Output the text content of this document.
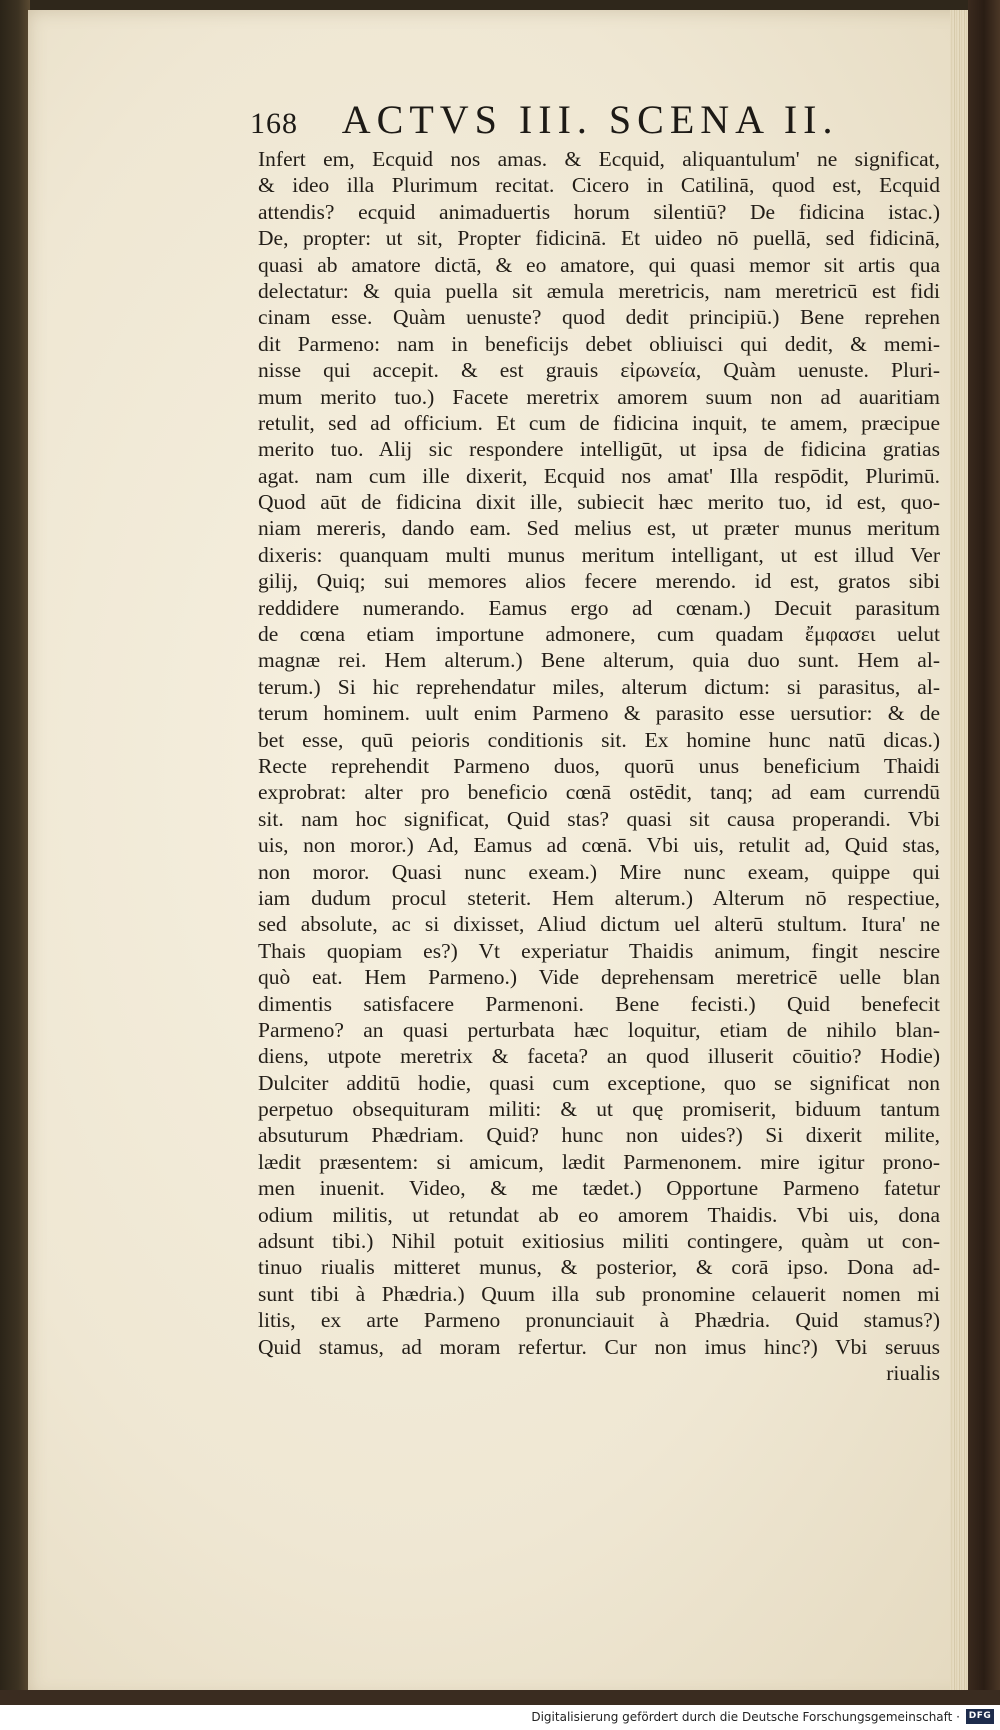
168 ACTVS III. SCENA II.
Infert em, Ecquid nos amas. & Ecquid, aliquantulum' ne significat,
& ideo illa Plurimum recitat. Cicero in Catilinā, quod est, Ecquid
attendis? ecquid animaduertis horum silentiū? De fidicina istac.)
De, propter: ut sit, Propter fidicinā. Et uideo nō puellā, sed fidicinā,
quasi ab amatore dictā, & eo amatore, qui quasi memor sit artis qua
delectatur: & quia puella sit æmula meretricis, nam meretricū est fidi
cinam esse. Quàm uenuste? quod dedit principiū.) Bene reprehen
dit Parmeno: nam in beneficijs debet obliuisci qui dedit, & memi-
nisse qui accepit. & est grauis εἰρωνεία, Quàm uenuste. Pluri-
mum merito tuo.) Facete meretrix amorem suum non ad auaritiam
retulit, sed ad officium. Et cum de fidicina inquit, te amem, præcipue
merito tuo. Alij sic respondere intelligūt, ut ipsa de fidicina gratias
agat. nam cum ille dixerit, Ecquid nos amat' Illa respōdit, Plurimū.
Quod aūt de fidicina dixit ille, subiecit hæc merito tuo, id est, quo-
niam mereris, dando eam. Sed melius est, ut præter munus meritum
dixeris: quanquam multi munus meritum intelligant, ut est illud Ver
gilij, Quiq; sui memores alios fecere merendo. id est, gratos sibi
reddidere numerando. Eamus ergo ad cœnam.) Decuit parasitum
de cœna etiam importune admonere, cum quadam ἔμφασει uelut
magnæ rei. Hem alterum.) Bene alterum, quia duo sunt. Hem al-
terum.) Si hic reprehendatur miles, alterum dictum: si parasitus, al-
terum hominem. uult enim Parmeno & parasito esse uersutior: & de
bet esse, quū peioris conditionis sit. Ex homine hunc natū dicas.)
Recte reprehendit Parmeno duos, quorū unus beneficium Thaidi
exprobrat: alter pro beneficio cœnā ostēdit, tanq; ad eam currendū
sit. nam hoc significat, Quid stas? quasi sit causa properandi. Vbi
uis, non moror.) Ad, Eamus ad cœnā. Vbi uis, retulit ad, Quid stas,
non moror. Quasi nunc exeam.) Mire nunc exeam, quippe qui
iam dudum procul steterit. Hem alterum.) Alterum nō respectiue,
sed absolute, ac si dixisset, Aliud dictum uel alterū stultum. Itura' ne
Thais quopiam es?) Vt experiatur Thaidis animum, fingit nescire
quò eat. Hem Parmeno.) Vide deprehensam meretricē uelle blan
dimentis satisfacere Parmenoni. Bene fecisti.) Quid benefecit
Parmeno? an quasi perturbata hæc loquitur, etiam de nihilo blan-
diens, utpote meretrix & faceta? an quod illuserit cōuitio? Hodie)
Dulciter additū hodie, quasi cum exceptione, quo se significat non
perpetuo obsequituram militi: & ut quę promiserit, biduum tantum
absuturum Phædriam. Quid? hunc non uides?) Si dixerit milite,
lædit præsentem: si amicum, lædit Parmenonem. mire igitur prono-
men inuenit. Video, & me tædet.) Opportune Parmeno fatetur
odium militis, ut retundat ab eo amorem Thaidis. Vbi uis, dona
adsunt tibi.) Nihil potuit exitiosius militi contingere, quàm ut con-
tinuo riualis mitteret munus, & posterior, & corā ipso. Dona ad-
sunt tibi à Phædria.) Quum illa sub pronomine celauerit nomen mi
litis, ex arte Parmeno pronunciauit à Phædria. Quid stamus?)
Quid stamus, ad moram refertur. Cur non imus hinc?) Vbi seruus
riualis
Digitalisierung gefördert durch die Deutsche Forschungsgemeinschaft · DFG
